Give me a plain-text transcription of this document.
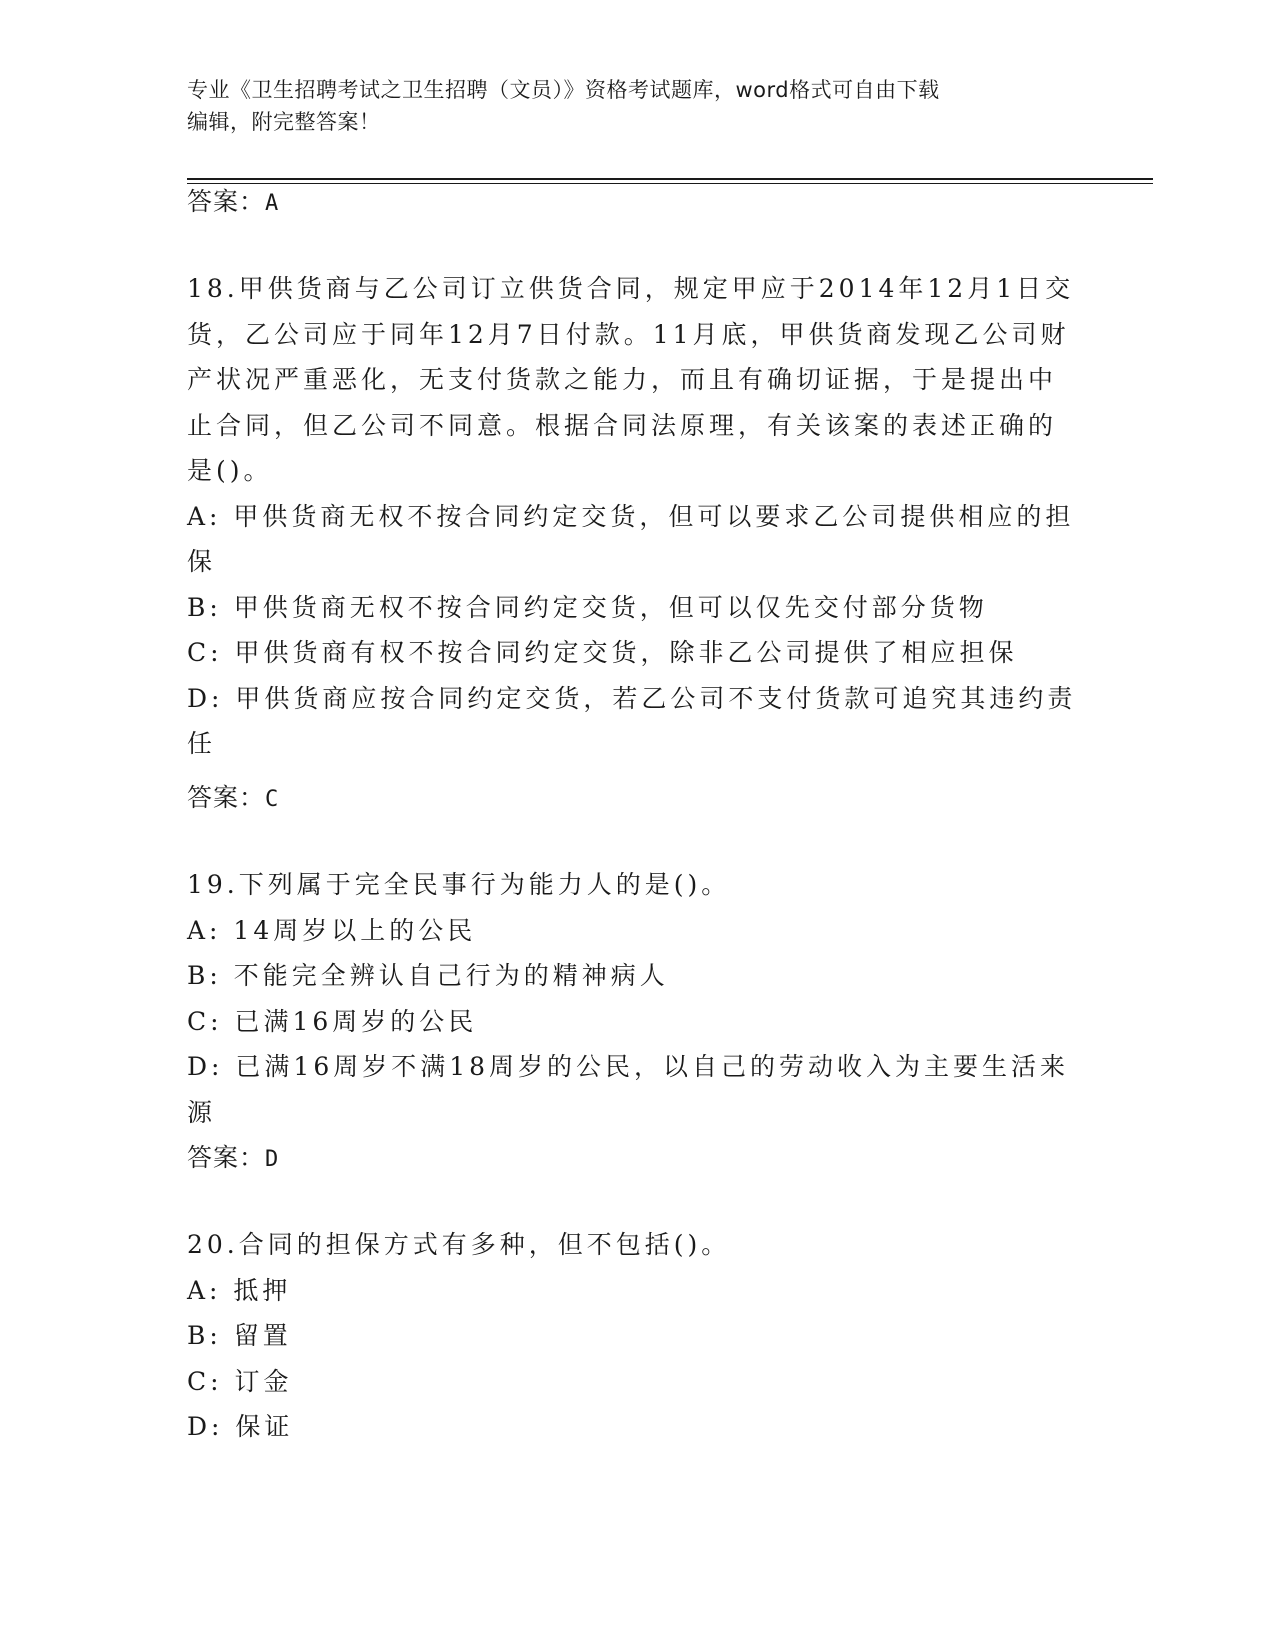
专业《卫生招聘考试之卫生招聘（文员）》资格考试题库，word格式可自由下载
编辑，附完整答案！
答案：A
18.甲供货商与乙公司订立供货合同，规定甲应于2014年12月1日交
货，乙公司应于同年12月7日付款。11月底，甲供货商发现乙公司财
产状况严重恶化，无支付货款之能力，而且有确切证据，于是提出中
止合同，但乙公司不同意。根据合同法原理，有关该案的表述正确的
是()。
A: 甲供货商无权不按合同约定交货，但可以要求乙公司提供相应的担
保
B: 甲供货商无权不按合同约定交货，但可以仅先交付部分货物
C: 甲供货商有权不按合同约定交货，除非乙公司提供了相应担保
D: 甲供货商应按合同约定交货，若乙公司不支付货款可追究其违约责
任
答案：C
19.下列属于完全民事行为能力人的是()。
A: 14周岁以上的公民
B: 不能完全辨认自己行为的精神病人
C: 已满16周岁的公民
D: 已满16周岁不满18周岁的公民，以自己的劳动收入为主要生活来
源
答案：D
20.合同的担保方式有多种，但不包括()。
A: 抵押
B: 留置
C: 订金
D: 保证
